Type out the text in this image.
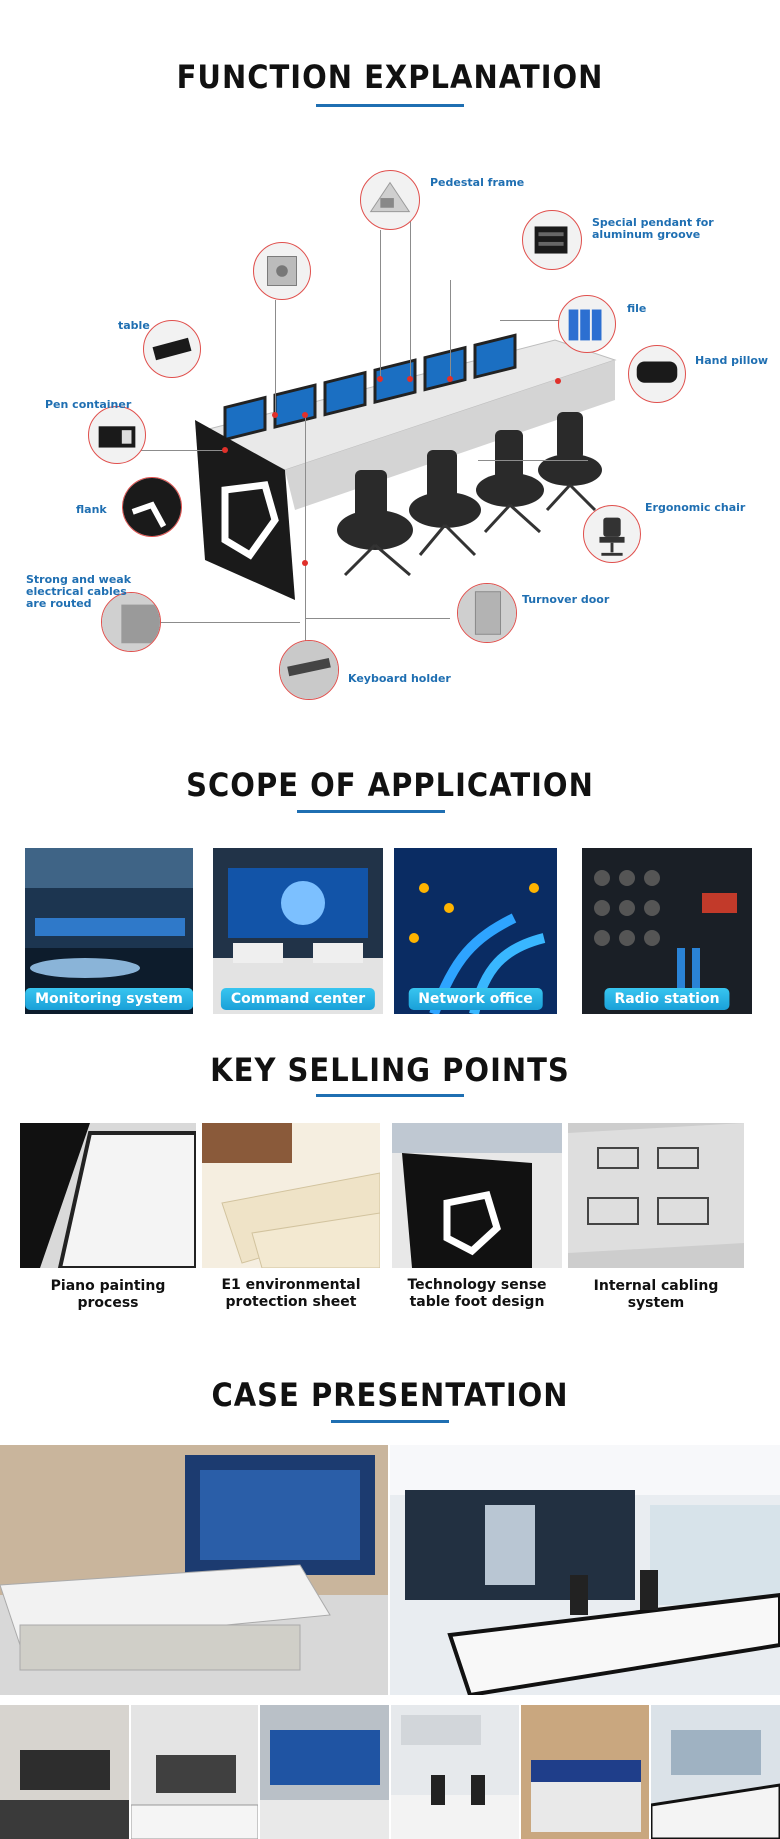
FUNCTION EXPLANATION
Pedestal frame
Special pendant for
aluminum groove
file
table
Hand pillow
Pen container
flank	Ergonomic chair
Strong and weak
electrical cables
are routed	Turnover door
Keyboard holder
SCOPE OF APPLICATION
Monitoring system	Command center	Network office	Radio station
KEY SELLING POINTS
Piano painting process
E1 environmental
protection sheet
Technology sense
table foot design
Internal cabling system
CASE PRESENTATION
